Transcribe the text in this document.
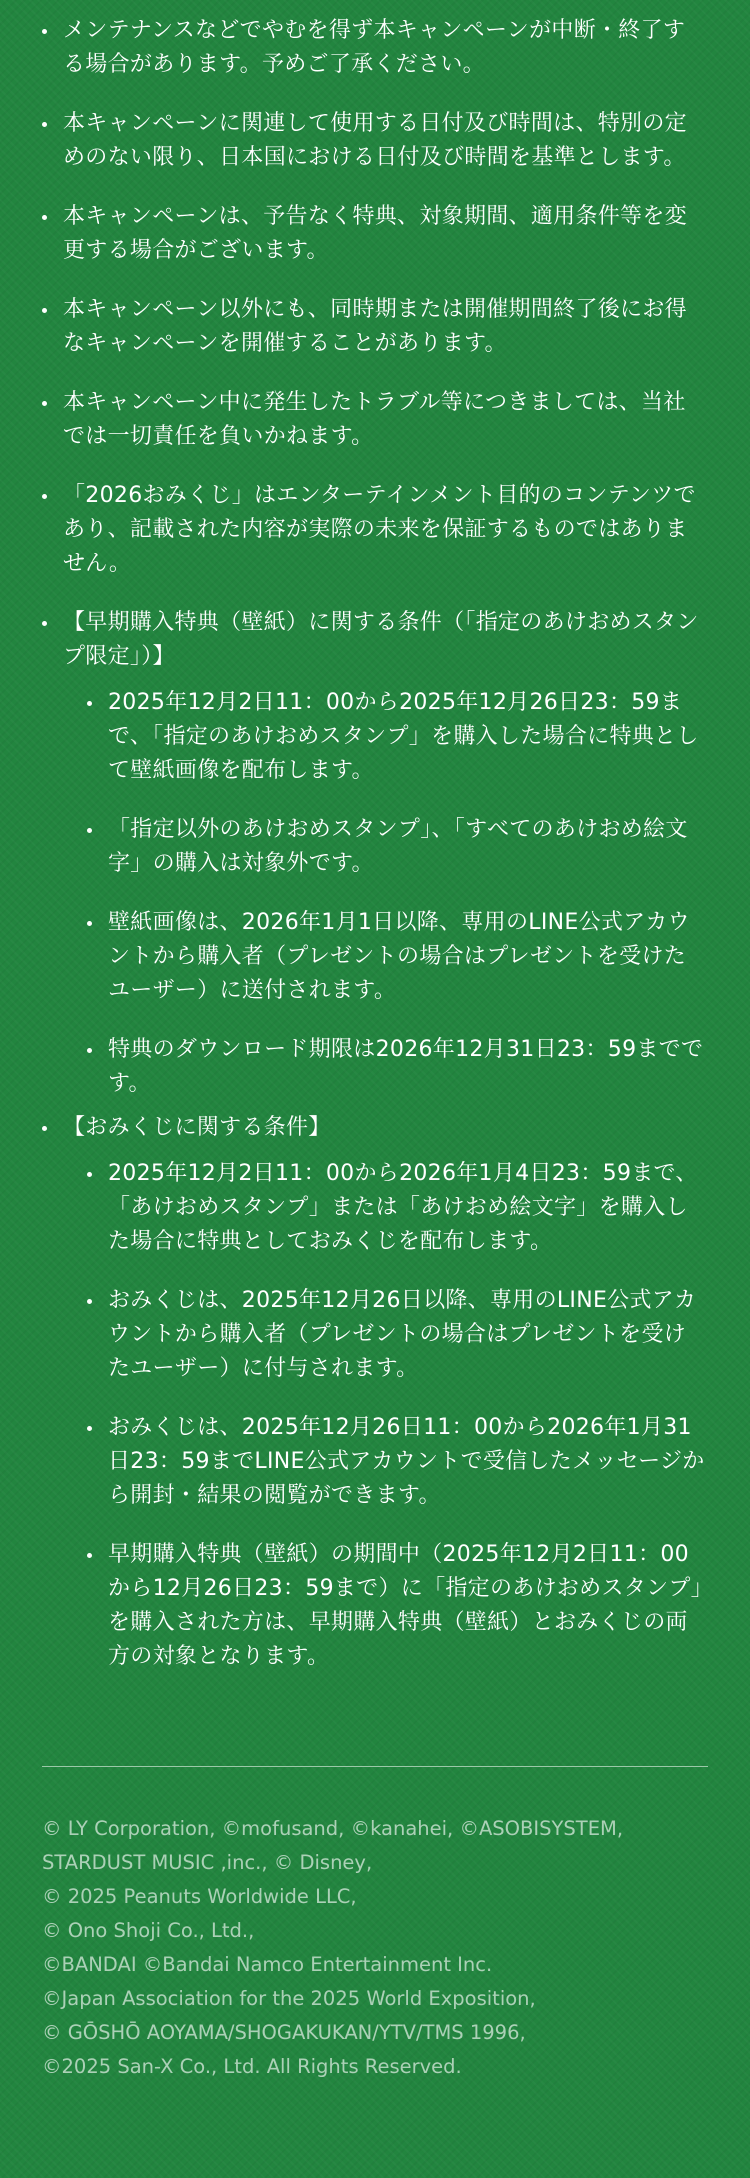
メンテナンスなどでやむを得ず本キャンペーンが中断・終了する場合があります。予めご了承ください。
本キャンペーンに関連して使用する日付及び時間は、特別の定めのない限り、日本国における日付及び時間を基準とします。
本キャンペーンは、予告なく特典、対象期間、適用条件等を変更する場合がございます。
本キャンペーン以外にも、同時期または開催期間終了後にお得なキャンペーンを開催することがあります。
本キャンペーン中に発生したトラブル等につきましては、当社では一切責任を負いかねます。
「2026おみくじ」はエンターテインメント目的のコンテンツであり、記載された内容が実際の未来を保証するものではありません。
【早期購入特典（壁紙）に関する条件（「指定のあけおめスタンプ限定」）】
2025年12月2日11：00から2025年12月26日23：59まで、「指定のあけおめスタンプ」を購入した場合に特典として壁紙画像を配布します。
「指定以外のあけおめスタンプ」、「すべてのあけおめ絵文字」の購入は対象外です。
壁紙画像は、2026年1月1日以降、専用のLINE公式アカウントから購入者（プレゼントの場合はプレゼントを受けたユーザー）に送付されます。
特典のダウンロード期限は2026年12月31日23：59までです。
【おみくじに関する条件】
2025年12月2日11：00から2026年1月4日23：59まで、「あけおめスタンプ」または「あけおめ絵文字」を購入した場合に特典としておみくじを配布します。
おみくじは、2025年12月26日以降、専用のLINE公式アカウントから購入者（プレゼントの場合はプレゼントを受けたユーザー）に付与されます。
おみくじは、2025年12月26日11：00から2026年1月31日23：59までLINE公式アカウントで受信したメッセージから開封・結果の閲覧ができます。
早期購入特典（壁紙）の期間中（2025年12月2日11：00から12月26日23：59まで）に「指定のあけおめスタンプ」を購入された方は、早期購入特典（壁紙）とおみくじの両方の対象となります。
© LY Corporation, ©mofusand, ©kanahei, ©ASOBISYSTEM,
STARDUST MUSIC ,inc., © Disney,
© 2025 Peanuts Worldwide LLC,
© Ono Shoji Co., Ltd.,
©BANDAI ©Bandai Namco Entertainment Inc.
©Japan Association for the 2025 World Exposition,
© GŌSHŌ AOYAMA/SHOGAKUKAN/YTV/TMS 1996,
©2025 San-X Co., Ltd. All Rights Reserved.
